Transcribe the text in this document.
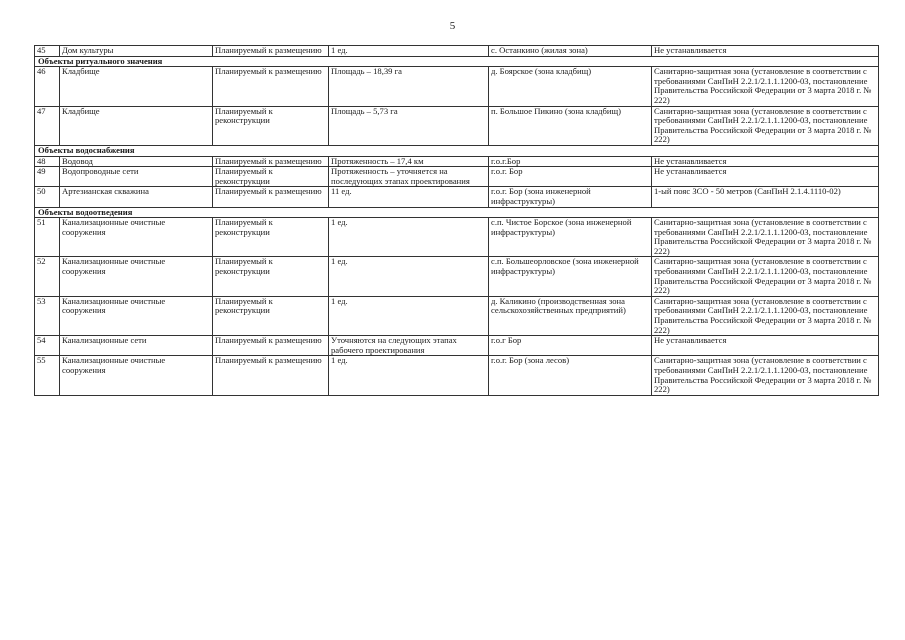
5
45	Дом культуры	Планируемый к размещению	1 ед.	с. Останкино (жилая зона)	Не устанавливается
Объекты ритуального значения					
46	Кладбище	Планируемый к размещению	Площадь – 18,39 га	д. Боярское (зона кладбищ)	Санитарно-защитная зона (установление в соответствии с требованиями СанПиН 2.2.1/2.1.1.1200-03, постановление Правительства Российской Федерации от 3 марта 2018 г. № 222)
47	Кладбище	Планируемый к реконструкции	Площадь – 5,73 га	п. Большое Пикино (зона кладбищ)	Санитарно-защитная зона (установление в соответствии с требованиями СанПиН 2.2.1/2.1.1.1200-03, постановление Правительства Российской Федерации от 3 марта 2018 г. № 222)
Объекты водоснабжения					
48	Водовод	Планируемый к размещению	Протяженность – 17,4 км	г.о.г.Бор	Не устанавливается
49	Водопроводные сети	Планируемый к реконструкции	Протяженность – уточняется на последующих этапах проектирования	г.о.г. Бор	Не устанавливается
50	Артезианская скважина	Планируемый к размещению	11 ед.	г.о.г. Бор (зона инженерной инфраструктуры)	1-ый пояс ЗСО - 50 метров (СанПиН 2.1.4.1110-02)
Объекты водоотведения					
51	Канализационные очистные сооружения	Планируемый к реконструкции	1 ед.	с.п. Чистое Борское (зона инженерной инфраструктуры)	Санитарно-защитная зона (установление в соответствии с требованиями СанПиН 2.2.1/2.1.1.1200-03, постановление Правительства Российской Федерации от 3 марта 2018 г. № 222)
52	Канализационные очистные сооружения	Планируемый к реконструкции	1 ед.	с.п. Большеорловское (зона инженерной инфраструктуры)	Санитарно-защитная зона (установление в соответствии с требованиями СанПиН 2.2.1/2.1.1.1200-03, постановление Правительства Российской Федерации от 3 марта 2018 г. № 222)
53	Канализационные очистные сооружения	Планируемый к реконструкции	1 ед.	д. Каликино (производственная зона сельскохозяйственных предприятий)	Санитарно-защитная зона (установление в соответствии с требованиями СанПиН 2.2.1/2.1.1.1200-03, постановление Правительства Российской Федерации от 3 марта 2018 г. № 222)
54	Канализационные сети	Планируемый к размещению	Уточняются на следующих этапах рабочего проектирования	г.о.г Бор	Не устанавливается
55	Канализационные очистные сооружения	Планируемый к размещению	1 ед.	г.о.г. Бор (зона лесов)	Санитарно-защитная зона (установление в соответствии с требованиями СанПиН 2.2.1/2.1.1.1200-03, постановление Правительства Российской Федерации от 3 марта 2018 г. № 222)
